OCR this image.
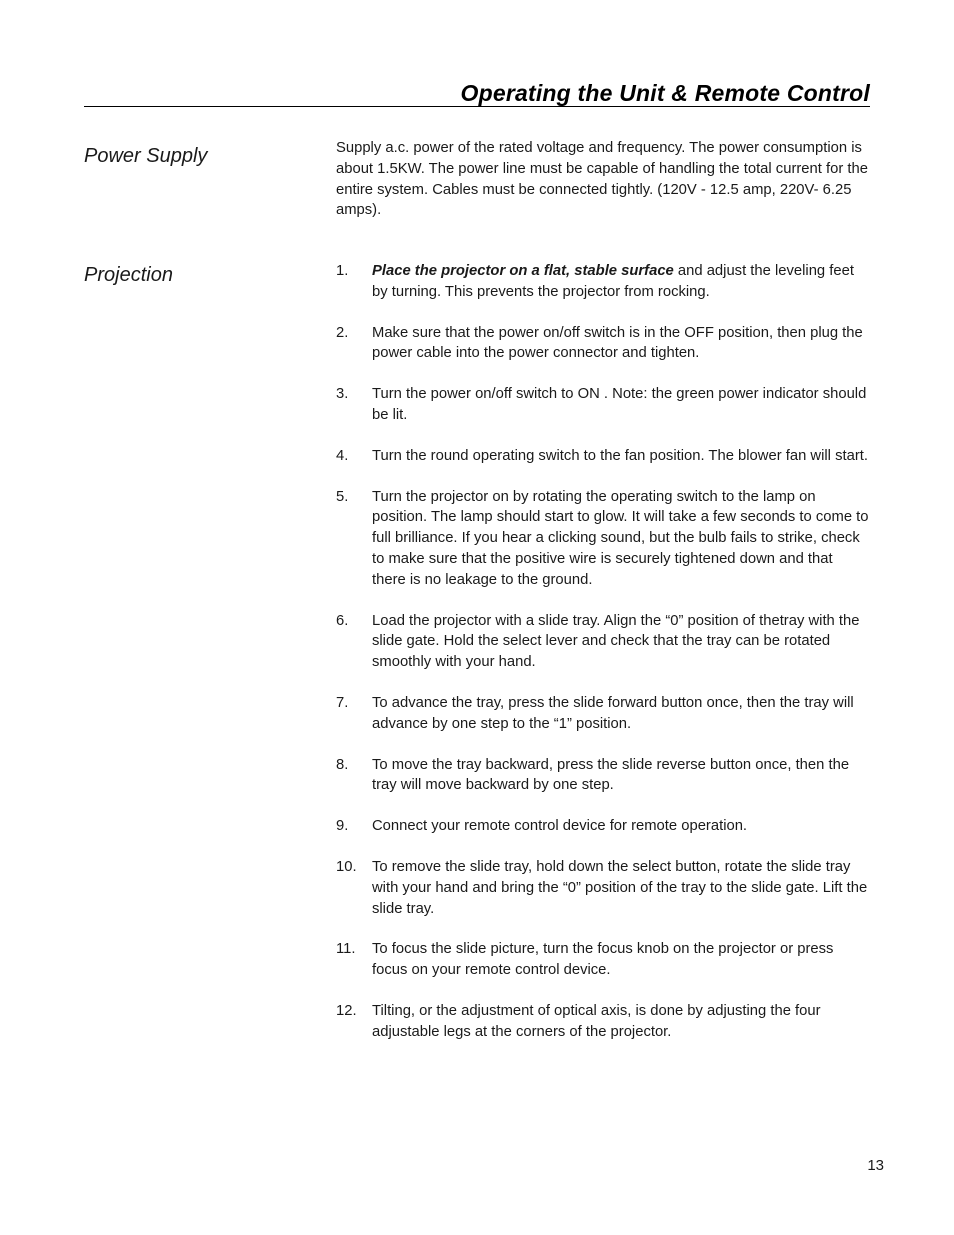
Operating the Unit & Remote Control
Power Supply	Supply a.c. power of the rated voltage and frequency. The power consumption is about 1.5KW. The power line must be capable of handling the total current for the entire system. Cables must be connected tightly. (120V - 12.5 amp, 220V- 6.25 amps).

Projection	1. Place the projector on a flat, stable surface and adjust the leveling feet by turning. This prevents the projector from rocking.
2. Make sure that the power on/off switch is in the OFF position, then plug the power cable into the power connector and tighten.
3. Turn the power on/off switch to ON . Note: the green power indicator should be lit.
4. Turn the round operating switch to the fan position. The blower fan will start.
5. Turn the projector on by rotating the operating switch to the lamp on position. The lamp should start to glow. It will take a few seconds to come to full brilliance. If you hear a clicking sound, but the bulb fails to strike, check to make sure that the positive wire is securely tightened down and that there is no leakage to the ground.
6. Load the projector with a slide tray. Align the “0” position of thetray with the slide gate. Hold the select lever and check that the tray can be rotated smoothly with your hand.
7. To advance the tray, press the slide forward button once, then the tray will advance by one step to the “1” position.
8. To move the tray backward, press the slide reverse button once, then the tray will move backward by one step.
9. Connect your remote control device for remote operation.
10. To remove the slide tray, hold down the select button, rotate the slide tray with your hand and bring the “0” position of the tray to the slide gate. Lift the slide tray.
11. To focus the slide picture, turn the focus knob on the projector or press focus on your remote control device.
12. Tilting, or the adjustment of optical axis, is done by adjusting the four adjustable legs at the corners of the projector.
13
